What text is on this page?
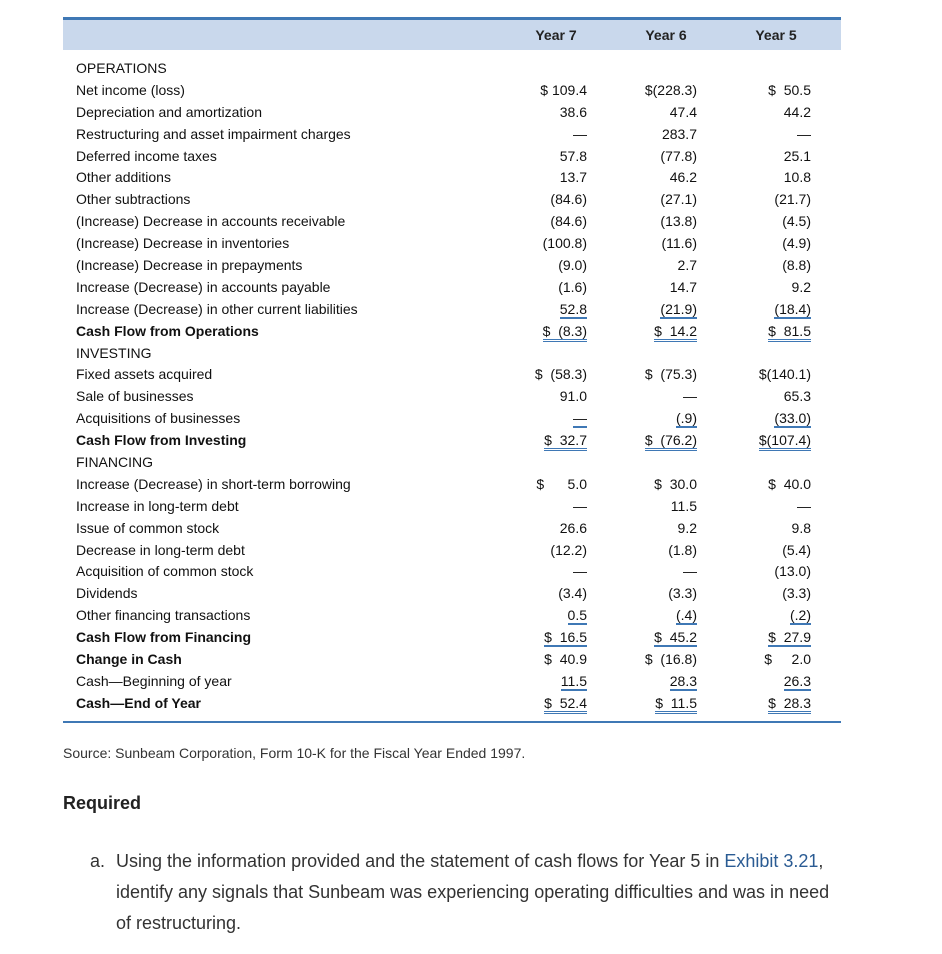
Year 7	Year 6	Year 5
OPERATIONS
Net income (loss)	$ 109.4	$(228.3)	$  50.5
Depreciation and amortization	38.6	47.4	44.2
Restructuring and asset impairment charges	—	283.7	—
Deferred income taxes	57.8	(77.8)	25.1
Other additions	13.7	46.2	10.8
Other subtractions	(84.6)	(27.1)	(21.7)
(Increase) Decrease in accounts receivable	(84.6)	(13.8)	(4.5)
(Increase) Decrease in inventories	(100.8)	(11.6)	(4.9)
(Increase) Decrease in prepayments	(9.0)	2.7	(8.8)
Increase (Decrease) in accounts payable	(1.6)	14.7	9.2
Increase (Decrease) in other current liabilities	52.8	(21.9)	(18.4)
Cash Flow from Operations	$  (8.3)	$  14.2	$  81.5
INVESTING
Fixed assets acquired	$  (58.3)	$  (75.3)	$(140.1)
Sale of businesses	91.0	—	65.3
Acquisitions of businesses	—	(.9)	(33.0)
Cash Flow from Investing	$  32.7	$  (76.2)	$(107.4)
FINANCING
Increase (Decrease) in short-term borrowing	$      5.0	$  30.0	$  40.0
Increase in long-term debt	—	11.5	—
Issue of common stock	26.6	9.2	9.8
Decrease in long-term debt	(12.2)	(1.8)	(5.4)
Acquisition of common stock	—	—	(13.0)
Dividends	(3.4)	(3.3)	(3.3)
Other financing transactions	0.5	(.4)	(.2)
Cash Flow from Financing	$  16.5	$  45.2	$  27.9
Change in Cash	$  40.9	$  (16.8)	$     2.0
Cash—Beginning of year	11.5	28.3	26.3
Cash—End of Year	$  52.4	$  11.5	$  28.3
Source: Sunbeam Corporation, Form 10-K for the Fiscal Year Ended 1997.
Required
a. Using the information provided and the statement of cash flows for Year 5 in Exhibit 3.21, identify any signals that Sunbeam was experiencing operating difficulties and was in need of restructuring.
